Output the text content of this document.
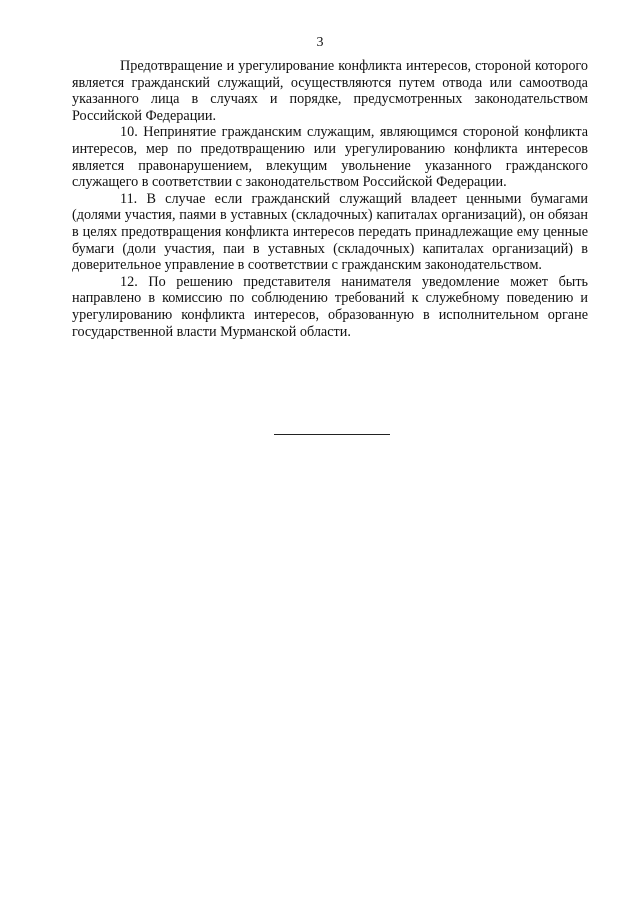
3

Предотвращение и урегулирование конфликта интересов, стороной которого является гражданский служащий, осуществляются путем отвода или самоотвода указанного лица в случаях и порядке, предусмотренных законодательством Российской Федерации.

10. Непринятие гражданским служащим, являющимся стороной конфликта интересов, мер по предотвращению или урегулированию конфликта интересов является правонарушением, влекущим увольнение указанного гражданского служащего в соответствии с законодательством Российской Федерации.

11. В случае если гражданский служащий владеет ценными бумагами (долями участия, паями в уставных (складочных) капиталах организаций), он обязан в целях предотвращения конфликта интересов передать принадлежащие ему ценные бумаги (доли участия, паи в уставных (складочных) капиталах организаций) в доверительное управление в соответствии с гражданским законодательством.

12. По решению представителя нанимателя уведомление может быть направлено в комиссию по соблюдению требований к служебному поведению и урегулированию конфликта интересов, образованную в исполнительном органе государственной власти Мурманской области.
